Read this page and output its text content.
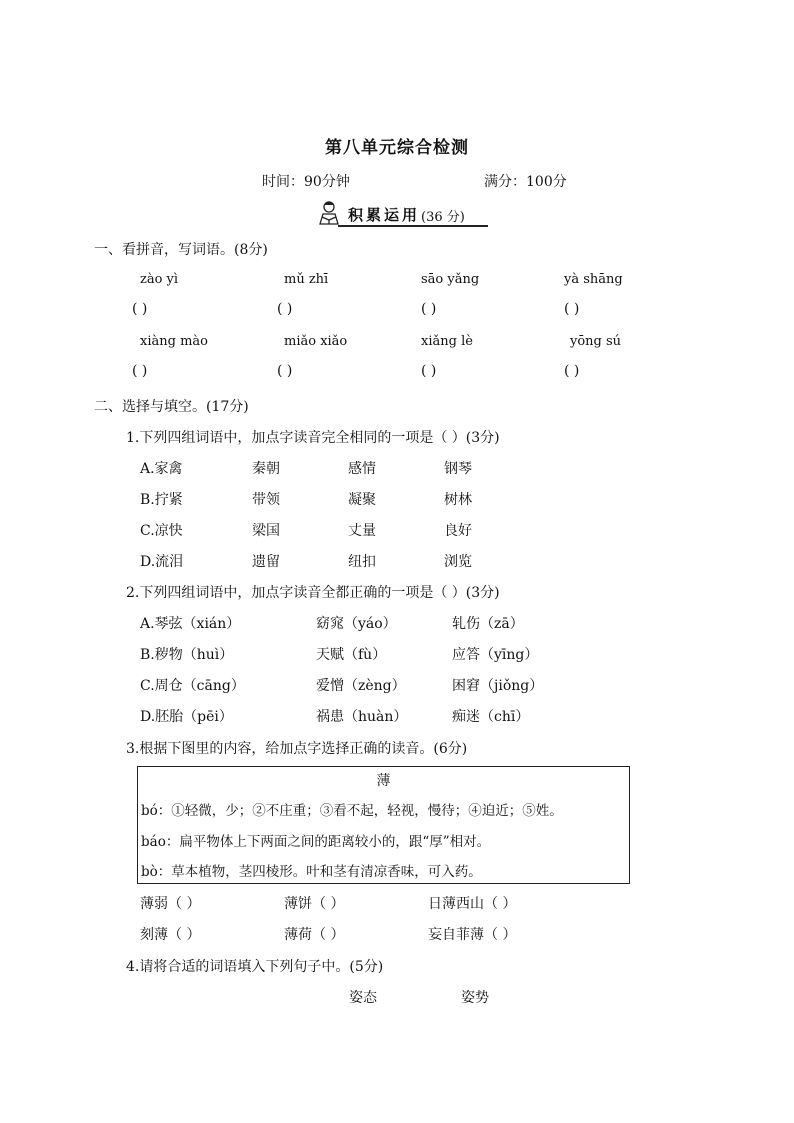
第八单元综合检测
时间：90分钟	满分：100分
积累运用 (36 分)
一、看拼音，写词语。(8分)
zào yì	mǔ zhī	sāo yǎng	yà shāng
( )	( )	( )	( )
xiàng mào	miǎo xiǎo	xiǎng lè	yōng sú
( )	( )	( )	( )
二、选择与填空。(17分)
1.下列四组词语中，加点字读音完全相同的一项是（ ）(3分)
A.家禽	秦朝	感情	钢琴
B.拧紧	带领	凝聚	树林
C.凉快	梁国	丈量	良好
D.流泪	遗留	纽扣	浏览
2.下列四组词语中，加点字读音全都正确的一项是（ ）(3分)
A.琴弦（xián）	窈窕（yáo）	轧伤（zā）
B.秽物（huì）	天赋（fù）	应答（yīng）
C.周仓（cāng）	爱憎（zèng）	困窘（jiǒng）
D.胚胎（pēi）	祸患（huàn）	痴迷（chī）
3.根据下图里的内容，给加点字选择正确的读音。(6分)
薄
bó：①轻微，少；②不庄重；③看不起，轻视，慢待；④迫近；⑤姓。
báo：扁平物体上下两面之间的距离较小的，跟“厚”相对。
bò：草本植物，茎四棱形。叶和茎有清凉香味，可入药。
薄弱（ ）	薄饼（ ）	日薄西山（ ）
刻薄（ ）	薄荷（ ）	妄自菲薄（ ）
4.请将合适的词语填入下列句子中。(5分)
姿态	姿势
